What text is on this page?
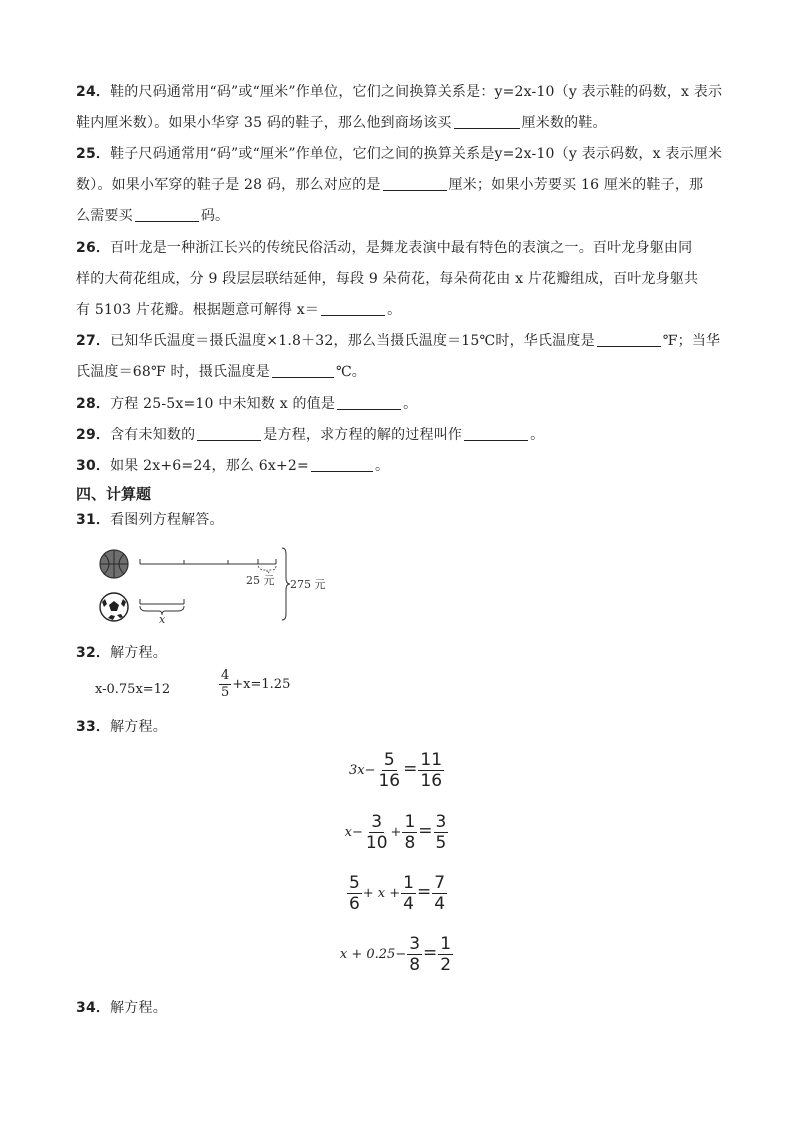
24．鞋的尺码通常用“码”或“厘米”作单位，它们之间换算关系是：y=2x-10（y 表示鞋的码数，x 表示
鞋内厘米数）。如果小华穿 35 码的鞋子，那么他到商场该买	厘米数的鞋。
25．鞋子尺码通常用“码”或“厘米”作单位，它们之间的换算关系是y=2x-10（y 表示码数，x 表示厘米
数）。如果小军穿的鞋子是 28 码，那么对应的是	厘米；如果小芳要买 16 厘米的鞋子，那
么需要买	码。
26．百叶龙是一种浙江长兴的传统民俗活动，是舞龙表演中最有特色的表演之一。百叶龙身躯由同
样的大荷花组成，分 9 段层层联结延伸，每段 9 朵荷花，每朵荷花由 x 片花瓣组成，百叶龙身躯共
有 5103 片花瓣。根据题意可解得 x＝	。
27．已知华氏温度＝摄氏温度×1.8＋32，那么当摄氏温度＝15℃时，华氏温度是	℉；当华
氏温度＝68℉ 时，摄氏温度是	℃。
28．方程 25-5x=10 中未知数 x 的值是	。
29．含有未知数的	是方程，求方程的解的过程叫作	。
30．如果 2x+6=24，那么 6x+2=	。
四、计算题
31．看图列方程解答。
25 元 275 元
x
32．解方程。
x-0.75x=12	$\frac{4}{5} +x=1.25$
33．解方程。
$3x- \frac{5}{16} = \frac{11}{16}$
$x- \frac{3}{10} + \frac{1}{8} = \frac{3}{5}$
$\frac{5}{6} + x + \frac{1}{4} = \frac{7}{4}$
$x + 0.25- \frac{3}{8} = \frac{1}{2}$
34．解方程。
